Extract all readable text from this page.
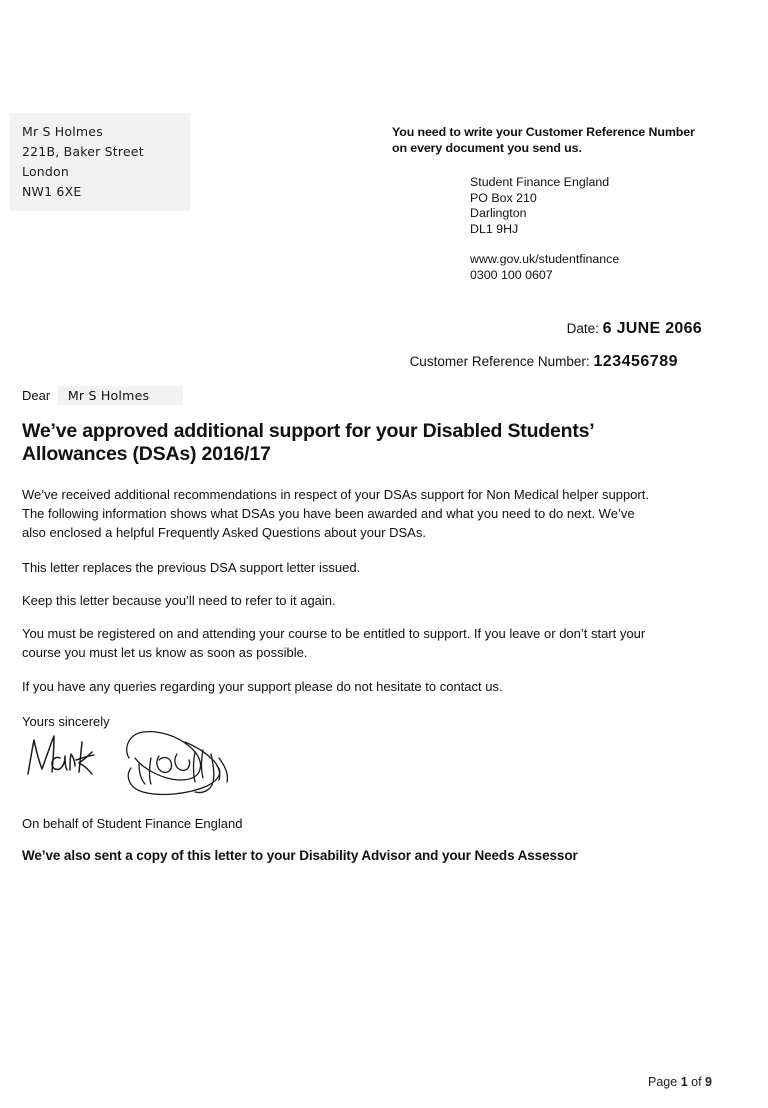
Mr S Holmes
221B, Baker Street
London
NW1 6XE
You need to write your Customer Reference Number on every document you send us.
Student Finance England
PO Box 210
Darlington
DL1 9HJ
www.gov.uk/studentfinance
0300 100 0607
Date: 6 JUNE 2066
Customer Reference Number: 123456789
Dear Mr S Holmes
We’ve approved additional support for your Disabled Students’ Allowances (DSAs) 2016/17

We’ve received additional recommendations in respect of your DSAs support for Non Medical helper support. The following information shows what DSAs you have been awarded and what you need to do next. We’ve also enclosed a helpful Frequently Asked Questions about your DSAs.

This letter replaces the previous DSA support letter issued.

Keep this letter because you’ll need to refer to it again.

You must be registered on and attending your course to be entitled to support. If you leave or don’t start your course you must let us know as soon as possible.

If you have any queries regarding your support please do not hesitate to contact us.

Yours sincerely

On behalf of Student Finance England
We’ve also sent a copy of this letter to your Disability Advisor and your Needs Assessor
Page 1 of 9
